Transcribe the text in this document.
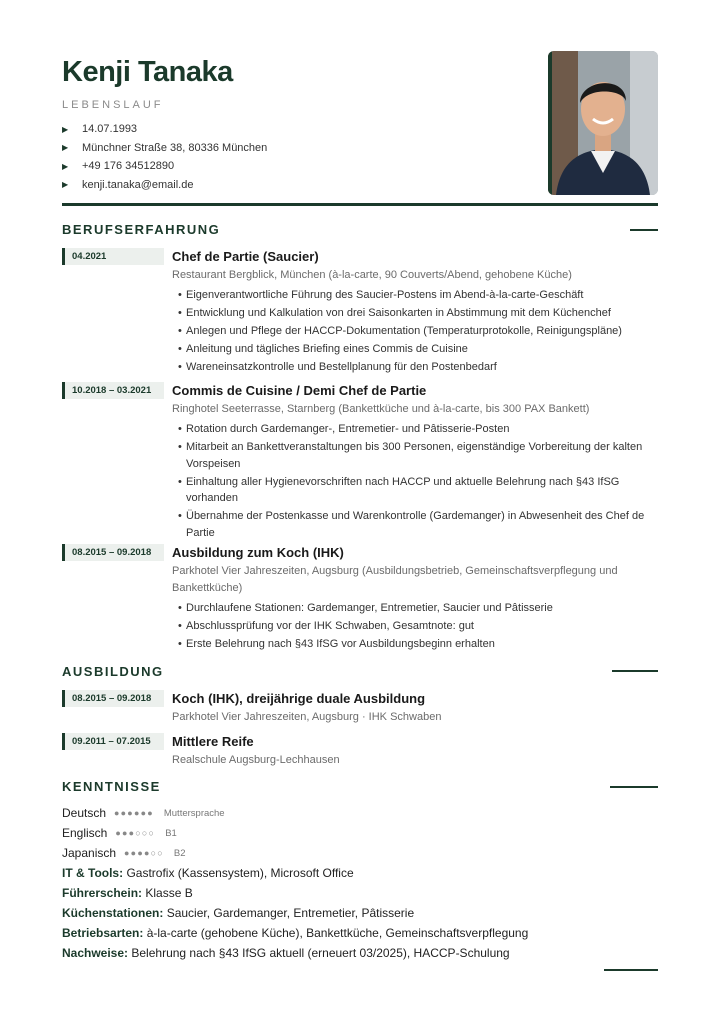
Kenji Tanaka
LEBENSLAUF
▶	14.07.1993
▶	Münchner Straße 38, 80336 München
▶	+49 176 34512890
▶	kenji.tanaka@email.de
BERUFSERFAHRUNG
04.2021	Chef de Partie (Saucier)
Restaurant Bergblick, München (à-la-carte, 90 Couverts/Abend, gehobene Küche)
• Eigenverantwortliche Führung des Saucier-Postens im Abend-à-la-carte-Geschäft
• Entwicklung und Kalkulation von drei Saisonkarten in Abstimmung mit dem Küchenchef
• Anlegen und Pflege der HACCP-Dokumentation (Temperaturprotokolle, Reinigungspläne)
• Anleitung und tägliches Briefing eines Commis de Cuisine
• Wareneinsatzkontrolle und Bestellplanung für den Postenbedarf
10.2018 – 03.2021	Commis de Cuisine / Demi Chef de Partie
Ringhotel Seeterrasse, Starnberg (Bankettküche und à-la-carte, bis 300 PAX Bankett)
• Rotation durch Gardemanger-, Entremetier- und Pâtisserie-Posten
• Mitarbeit an Bankettveranstaltungen bis 300 Personen, eigenständige Vorbereitung der kalten Vorspeisen
• Einhaltung aller Hygienevorschriften nach HACCP und aktuelle Belehrung nach §43 IfSG vorhanden
• Übernahme der Postenkasse und Warenkontrolle (Gardemanger) in Abwesenheit des Chef de Partie
08.2015 – 09.2018	Ausbildung zum Koch (IHK)
Parkhotel Vier Jahreszeiten, Augsburg (Ausbildungsbetrieb, Gemeinschaftsverpflegung und Bankettküche)
• Durchlaufene Stationen: Gardemanger, Entremetier, Saucier und Pâtisserie
• Abschlussprüfung vor der IHK Schwaben, Gesamtnote: gut
• Erste Belehrung nach §43 IfSG vor Ausbildungsbeginn erhalten
AUSBILDUNG
08.2015 – 09.2018	Koch (IHK), dreijährige duale Ausbildung
Parkhotel Vier Jahreszeiten, Augsburg · IHK Schwaben
09.2011 – 07.2015	Mittlere Reife
Realschule Augsburg-Lechhausen
KENNTNISSE
Deutsch ●●●●●● Muttersprache
Englisch ●●●○○○ B1
Japanisch ●●●●○○ B2
IT & Tools: Gastrofix (Kassensystem), Microsoft Office
Führerschein: Klasse B
Küchenstationen: Saucier, Gardemanger, Entremetier, Pâtisserie
Betriebsarten: à-la-carte (gehobene Küche), Bankettküche, Gemeinschaftsverpflegung
Nachweise: Belehrung nach §43 IfSG aktuell (erneuert 03/2025), HACCP-Schulung
